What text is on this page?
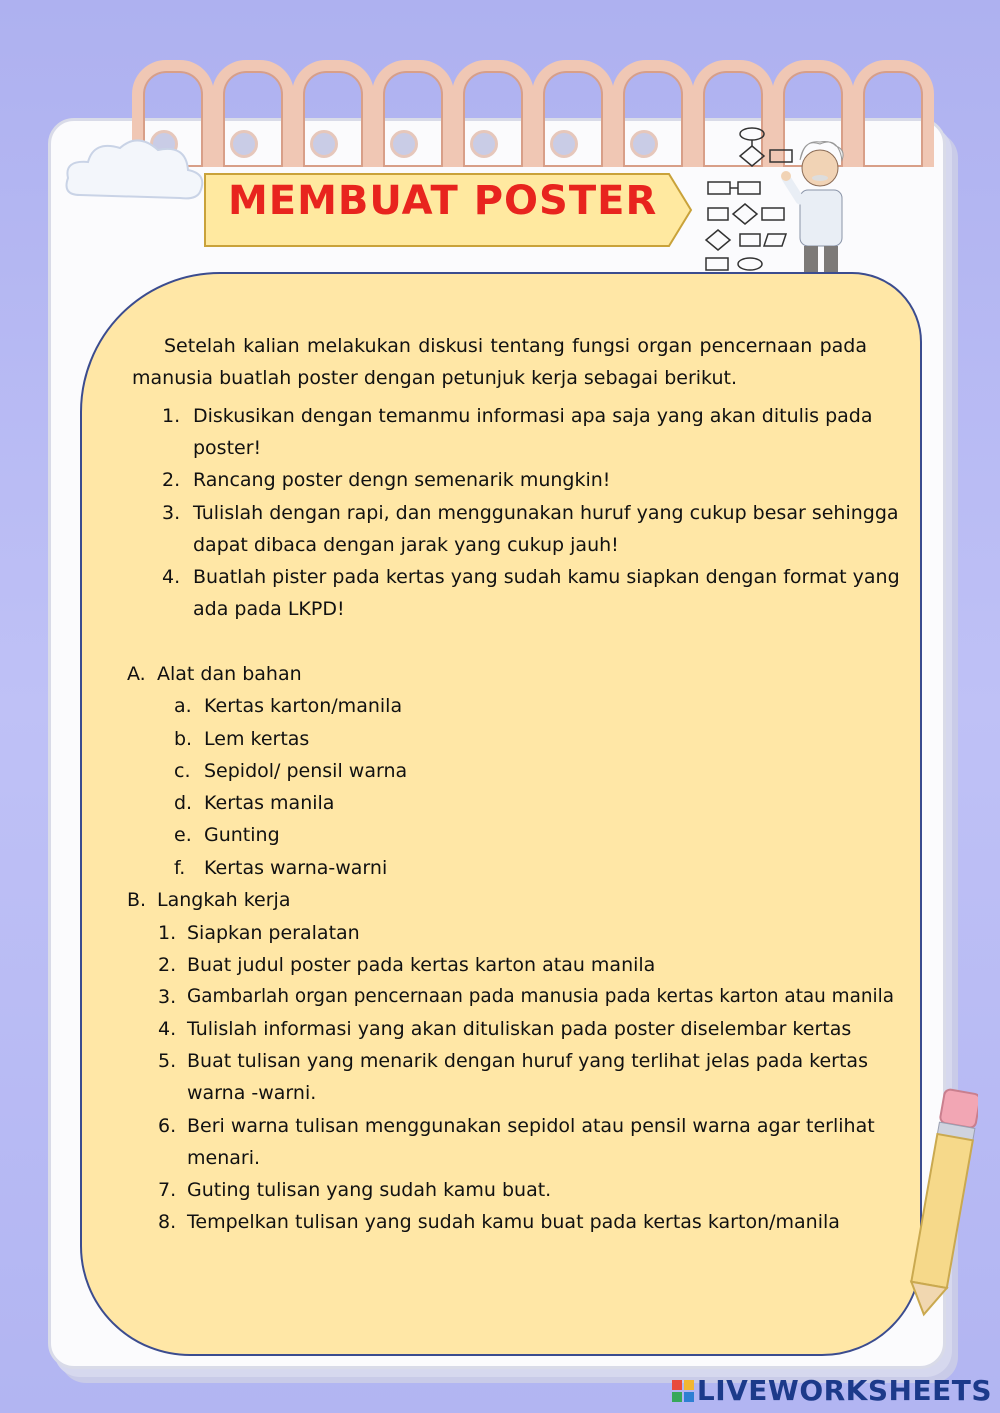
MEMBUAT POSTER
Setelah kalian melakukan diskusi tentang fungsi organ pencernaan pada manusia buatlah poster dengan petunjuk kerja sebagai berikut.
1. Diskusikan dengan temanmu informasi apa saja yang akan ditulis pada
poster!
2. Rancang poster dengn semenarik mungkin!
3. Tulislah dengan rapi, dan menggunakan huruf yang cukup besar sehingga
dapat dibaca dengan jarak yang cukup jauh!
4. Buatlah pister pada kertas yang sudah kamu siapkan dengan format yang
ada pada LKPD!
A. Alat dan bahan
a. Kertas karton/manila
b. Lem kertas
c. Sepidol/ pensil warna
d. Kertas manila
e. Gunting
f. Kertas warna-warni
B. Langkah kerja
1. Siapkan peralatan
2. Buat judul poster pada kertas karton atau manila
3. Gambarlah organ pencernaan pada manusia pada kertas karton atau manila
4. Tulislah informasi yang akan dituliskan pada poster diselembar kertas
5. Buat tulisan yang menarik dengan huruf yang terlihat jelas pada kertas
warna -warni.
6. Beri warna tulisan menggunakan sepidol atau pensil warna agar terlihat
menari.
7. Guting tulisan yang sudah kamu buat.
8. Tempelkan tulisan yang sudah kamu buat pada kertas karton/manila
LIVEWORKSHEETS
